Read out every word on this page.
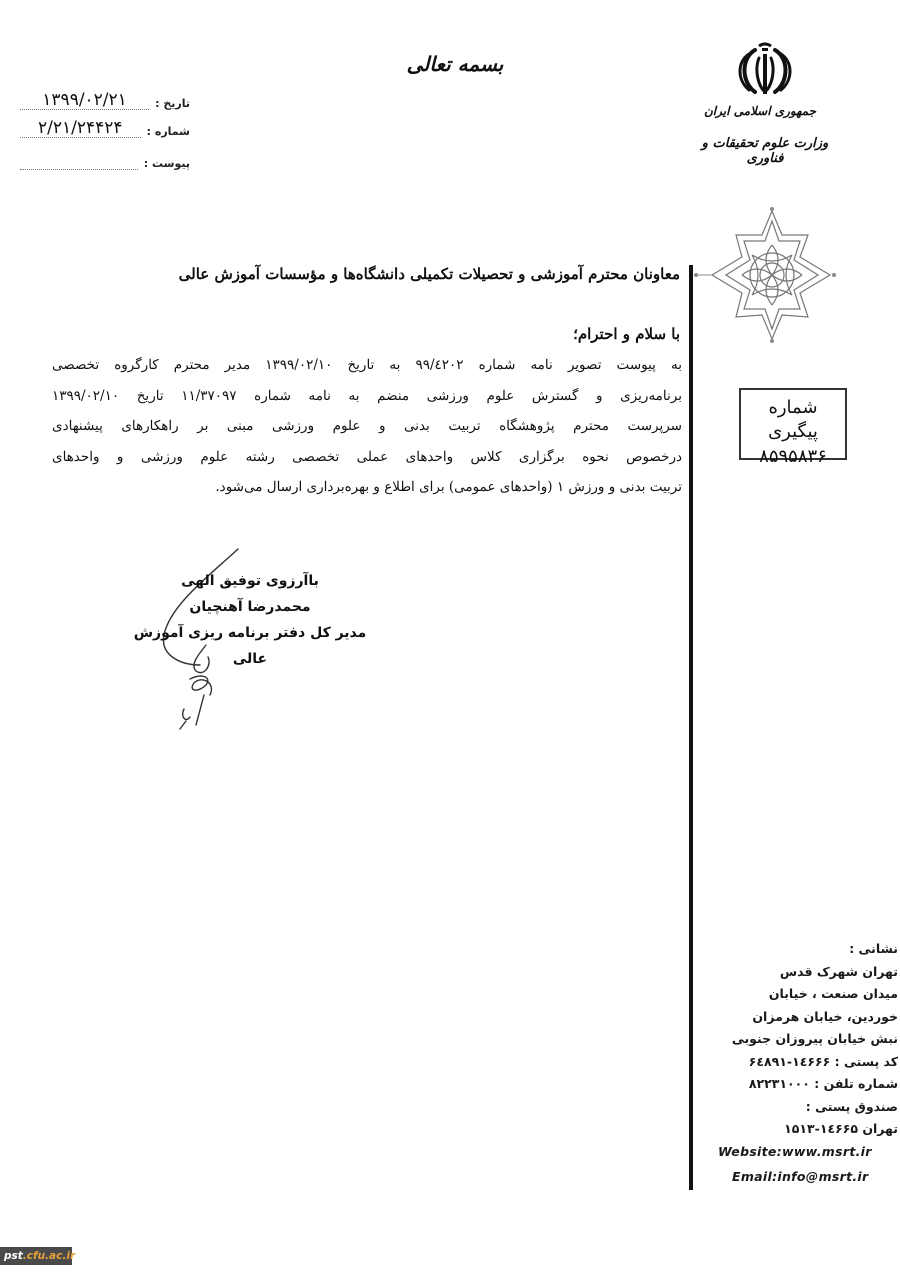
بسمه تعالی
تاریخ :
۱۳۹۹/۰۲/۲۱
شماره :
۲/۲۱/۲۴۴۲۴
پیوست :
جمهوری اسلامی ایران
وزارت علوم تحقیقات و فناوری
شماره پیگیری
۸۵۹۵۸۳۶
معاونان محترم آموزشی و تحصیلات تکمیلی دانشگاه‌ها و مؤسسات آموزش عالی
با سلام و احترام؛
به پیوست تصویر نامه شماره ۹۹/٤۲۰۲ به تاریخ ۱۳۹۹/۰۲/۱۰ مدیر محترم کارگروه تخصصی
برنامه‌ریزی و گسترش علوم ورزشی منضم به نامه شماره ۱۱/۳۷۰۹۷ تاریخ ۱۳۹۹/۰۲/۱۰
سرپرست محترم پژوهشگاه تربیت بدنی و علوم ورزشی مبنی بر راهکارهای پیشنهادی
درخصوص نحوه برگزاری کلاس واحدهای عملی تخصصی رشته علوم ورزشی و واحدهای
تربیت بدنی و ورزش ۱ (واحدهای عمومی) برای اطلاع و بهره‌برداری ارسال می‌شود.
باآرزوی توفیق الهی
محمدرضا آهنچیان
مدیر کل دفتر برنامه ریزی آموزش عالی
نشانی :
تهران شهرک قدس
میدان صنعت ، خیابان
خوردین، خیابان هرمزان
نبش خیابان پیروزان جنوبی
کد پستی : ۱٤۶۶۶-۶٤۸۹۱
شماره تلفن : ۸۲۲۳۱۰۰۰
صندوق پستی :
تهران ۱٤۶۶۵-۱۵۱۳
Website:www.msrt.ir
Email:info@msrt.ir
pst.cfu.ac.ir
